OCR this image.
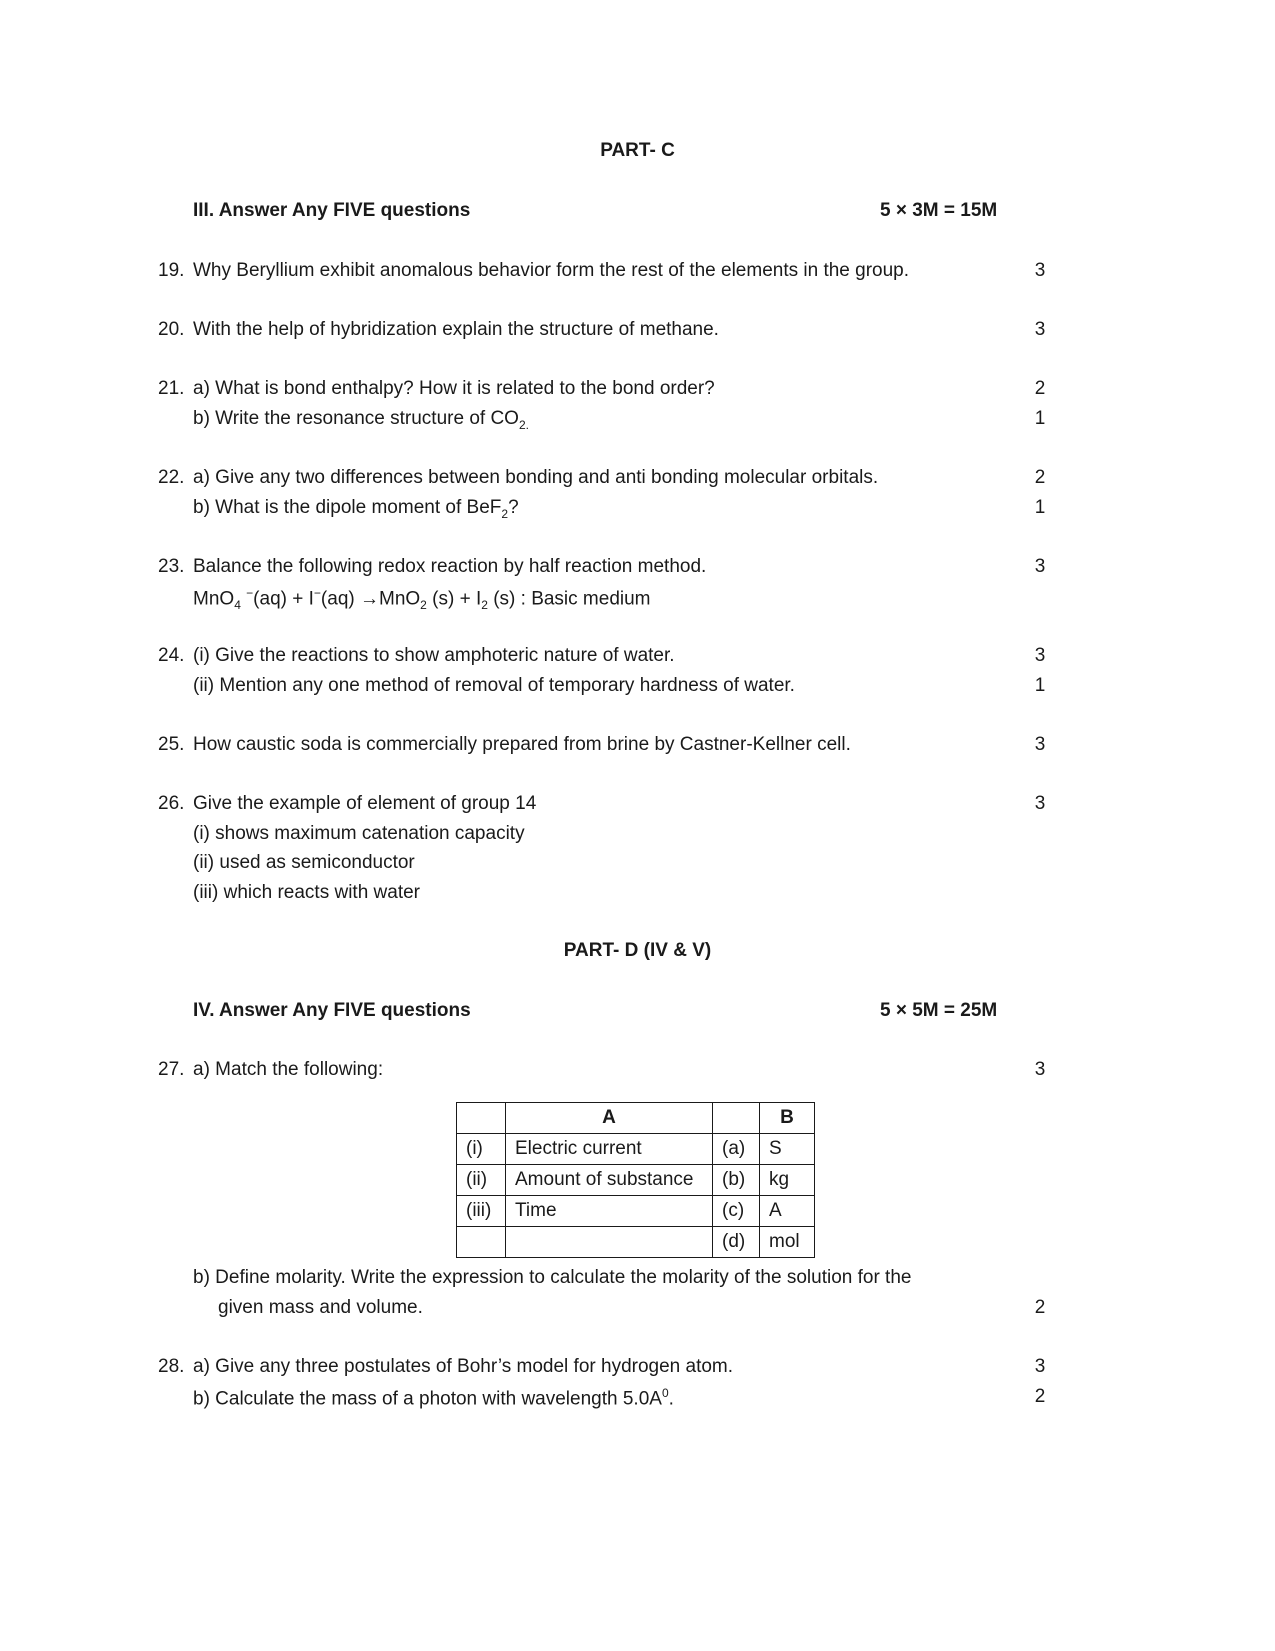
PART- C
III. Answer Any FIVE questions	5 × 3M = 15M
19. Why Beryllium exhibit anomalous behavior form the rest of the elements in the group.	3
20. With the help of hybridization explain the structure of methane.	3
21. a) What is bond enthalpy? How it is related to the bond order?	2
b) Write the resonance structure of $CO_{2.}$	1
22. a) Give any two differences between bonding and anti bonding molecular orbitals.	2
b) What is the dipole moment of BeF$_2$?	1
23. Balance the following redox reaction by half reaction method.	3
MnO$_4$ −(aq) + I−(aq) →MnO$_2$ $(s) + I_2$ (s) : Basic medium
24. (i) Give the reactions to show amphoteric nature of water.	3
(ii) Mention any one method of removal of temporary hardness of water.	1
25. How caustic soda is commercially prepared from brine by Castner-Kellner cell.	3
26. Give the example of element of group 14	3
(i) shows maximum catenation capacity
(ii) used as semiconductor
(iii) which reacts with water
PART- D (IV & V)
IV. Answer Any FIVE questions	5 × 5M = 25M
27. a) Match the following:	3
	A		B
(i)	Electric current	(a)	S
(ii)	Amount of substance	(b)	kg
(iii)	Time	(c)	A
		(d)	mol
b) Define molarity. Write the expression to calculate the molarity of the solution for the
given mass and volume.	2
28. a) Give any three postulates of Bohr’s model for hydrogen atom.	3
b) Calculate the mass of a photon with wavelength $5.0A^0$.	2
